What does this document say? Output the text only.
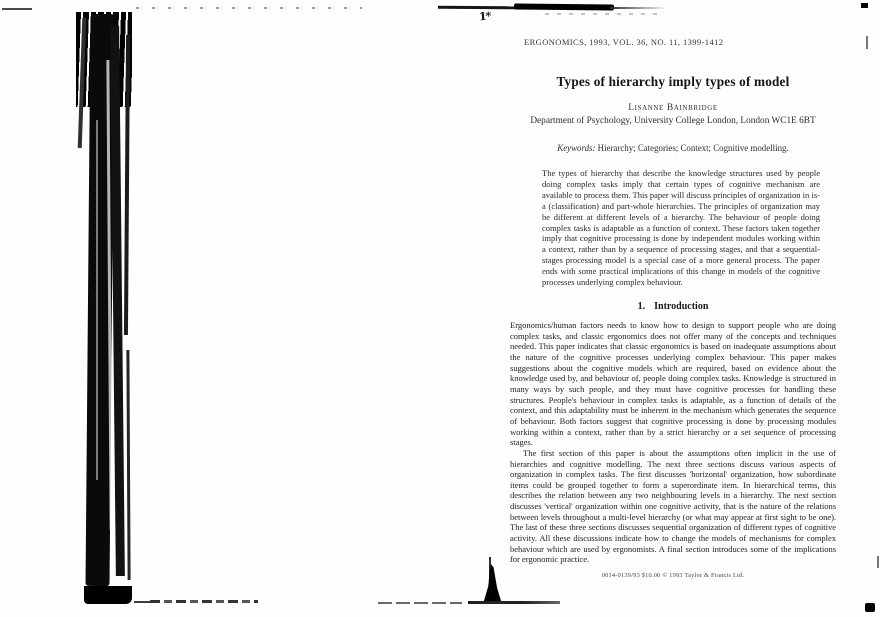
1*
ERGONOMICS, 1993, VOL. 36, NO. 11, 1399-1412
Types of hierarchy imply types of model
Lisanne Bainbridge
Department of Psychology, University College London, London WC1E 6BT
Keywords: Hierarchy; Categories; Context; Cognitive modelling.
The types of hierarchy that describe the knowledge structures used by people doing complex tasks imply that certain types of cognitive mechanism are available to process them. This paper will discuss principles of organization in is-a (classification) and part-whole hierarchies. The principles of organization may be different at different levels of a hierarchy. The behaviour of people doing complex tasks is adaptable as a function of context. These factors taken together imply that cognitive processing is done by independent modules working within a context, rather than by a sequence of processing stages, and that a sequential-stages processing model is a special case of a more general process. The paper ends with some practical implications of this change in models of the cognitive processes underlying complex behaviour.
1. Introduction

Ergonomics/human factors needs to know how to design to support people who are doing complex tasks, and classic ergonomics does not offer many of the concepts and techniques needed. This paper indicates that classic ergonomics is based on inadequate assumptions about the nature of the cognitive processes underlying complex behaviour. This paper makes suggestions about the cognitive models which are required, based on evidence about the knowledge used by, and behaviour of, people doing complex tasks. Knowledge is structured in many ways by such people, and they must have cognitive processes for handling these structures. People's behaviour in complex tasks is adaptable, as a function of details of the context, and this adaptability must be inherent in the mechanism which generates the sequence of behaviour. Both factors suggest that cognitive processing is done by processing modules working within a context, rather than by a strict hierarchy or a set sequence of processing stages.

The first section of this paper is about the assumptions often implicit in the use of hierarchies and cognitive modelling. The next three sections discuss various aspects of organization in complex tasks. The first discusses 'horizontal' organization, how subordinate items could be grouped together to form a superordinate item. In hierarchical terms, this describes the relation between any two neighbouring levels in a hierarchy. The next section discusses 'vertical' organization within one cognitive activity, that is the nature of the relations between levels throughout a multi-level hierarchy (or what may appear at first sight to be one). The last of these three sections discusses sequential organization of different types of cognitive activity. All these discussions indicate how to change the models of mechanisms for complex behaviour which are used by ergonomists. A final section introduces some of the implications for ergonomic practice.

0014-0139/93 $10.00 © 1993 Taylor & Francis Ltd.
